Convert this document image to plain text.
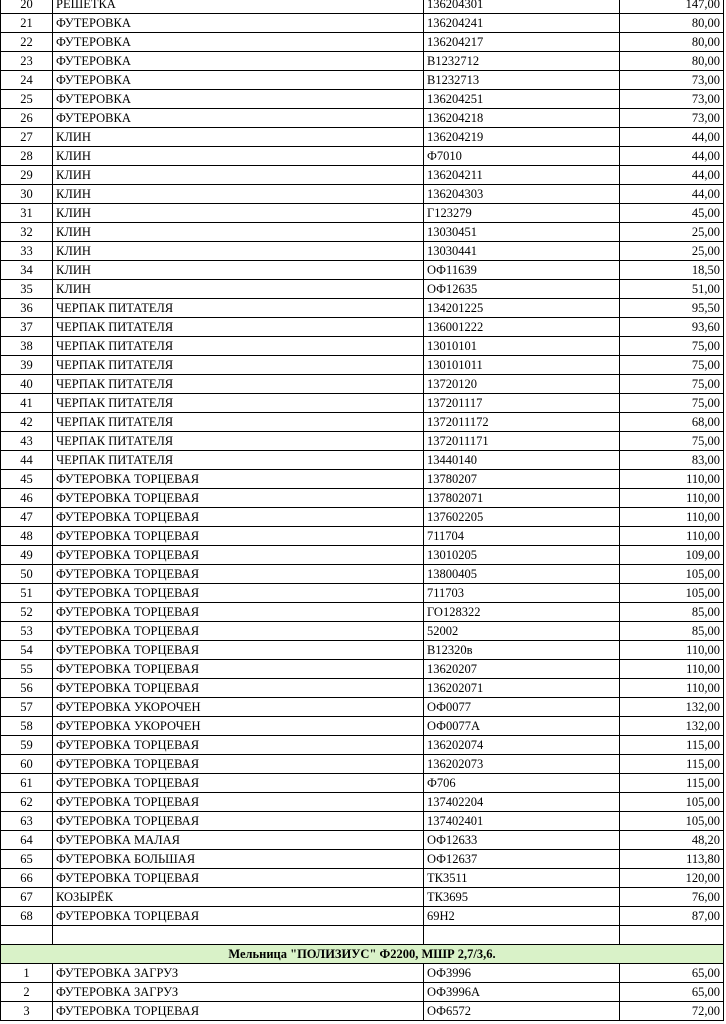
20	РЕШЕТКА	136204301	147,00
21	ФУТЕРОВКА	136204241	80,00
22	ФУТЕРОВКА	136204217	80,00
23	ФУТЕРОВКА	В1232712	80,00
24	ФУТЕРОВКА	В1232713	73,00
25	ФУТЕРОВКА	136204251	73,00
26	ФУТЕРОВКА	136204218	73,00
27	КЛИН	136204219	44,00
28	КЛИН	Ф7010	44,00
29	КЛИН	136204211	44,00
30	КЛИН	136204303	44,00
31	КЛИН	Г123279	45,00
32	КЛИН	13030451	25,00
33	КЛИН	13030441	25,00
34	КЛИН	ОФ11639	18,50
35	КЛИН	ОФ12635	51,00
36	ЧЕРПАК ПИТАТЕЛЯ	134201225	95,50
37	ЧЕРПАК ПИТАТЕЛЯ	136001222	93,60
38	ЧЕРПАК ПИТАТЕЛЯ	13010101	75,00
39	ЧЕРПАК ПИТАТЕЛЯ	130101011	75,00
40	ЧЕРПАК ПИТАТЕЛЯ	13720120	75,00
41	ЧЕРПАК ПИТАТЕЛЯ	137201117	75,00
42	ЧЕРПАК ПИТАТЕЛЯ	1372011172	68,00
43	ЧЕРПАК ПИТАТЕЛЯ	1372011171	75,00
44	ЧЕРПАК ПИТАТЕЛЯ	13440140	83,00
45	ФУТЕРОВКА ТОРЦЕВАЯ	13780207	110,00
46	ФУТЕРОВКА ТОРЦЕВАЯ	137802071	110,00
47	ФУТЕРОВКА ТОРЦЕВАЯ	137602205	110,00
48	ФУТЕРОВКА ТОРЦЕВАЯ	711704	110,00
49	ФУТЕРОВКА ТОРЦЕВАЯ	13010205	109,00
50	ФУТЕРОВКА ТОРЦЕВАЯ	13800405	105,00
51	ФУТЕРОВКА ТОРЦЕВАЯ	711703	105,00
52	ФУТЕРОВКА ТОРЦЕВАЯ	ГО128322	85,00
53	ФУТЕРОВКА ТОРЦЕВАЯ	52002	85,00
54	ФУТЕРОВКА ТОРЦЕВАЯ	В12320в	110,00
55	ФУТЕРОВКА ТОРЦЕВАЯ	13620207	110,00
56	ФУТЕРОВКА ТОРЦЕВАЯ	136202071	110,00
57	ФУТЕРОВКА УКОРОЧЕН	ОФ0077	132,00
58	ФУТЕРОВКА УКОРОЧЕН	ОФ0077А	132,00
59	ФУТЕРОВКА ТОРЦЕВАЯ	136202074	115,00
60	ФУТЕРОВКА ТОРЦЕВАЯ	136202073	115,00
61	ФУТЕРОВКА ТОРЦЕВАЯ	Ф706	115,00
62	ФУТЕРОВКА ТОРЦЕВАЯ	137402204	105,00
63	ФУТЕРОВКА ТОРЦЕВАЯ	137402401	105,00
64	ФУТЕРОВКА МАЛАЯ	ОФ12633	48,20
65	ФУТЕРОВКА БОЛЬШАЯ	ОФ12637	113,80
66	ФУТЕРОВКА ТОРЦЕВАЯ	ТК3511	120,00
67	КОЗЫРЁК	ТК3695	76,00
68	ФУТЕРОВКА ТОРЦЕВАЯ	69Н2	87,00

Мельница "ПОЛИЗИУС" Ф2200, МШР 2,7/3,6.			
1	ФУТЕРОВКА ЗАГРУЗ	ОФ3996	65,00
2	ФУТЕРОВКА ЗАГРУЗ	ОФ3996А	65,00
3	ФУТЕРОВКА ТОРЦЕВАЯ	ОФ6572	72,00
